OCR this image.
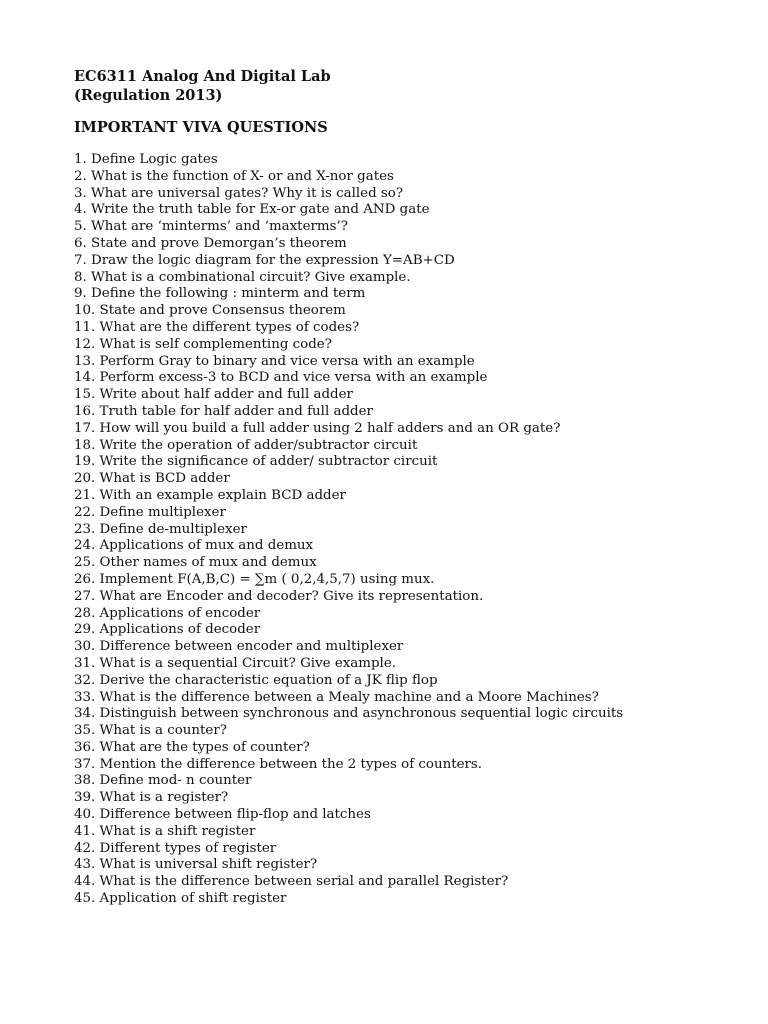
EC6311 Analog And Digital Lab
(Regulation 2013)
IMPORTANT VIVA QUESTIONS
1. Define Logic gates
2. What is the function of X- or and X-nor gates
3. What are universal gates? Why it is called so?
4. Write the truth table for Ex-or gate and AND gate
5. What are ‘minterms’ and ‘maxterms’?
6. State and prove Demorgan’s theorem
7. Draw the logic diagram for the expression Y=AB+CD
8. What is a combinational circuit? Give example.
9. Define the following : minterm and term
10. State and prove Consensus theorem
11. What are the different types of codes?
12. What is self complementing code?
13. Perform Gray to binary and vice versa with an example
14. Perform excess-3 to BCD and vice versa with an example
15. Write about half adder and full adder
16. Truth table for half adder and full adder
17. How will you build a full adder using 2 half adders and an OR gate?
18. Write the operation of adder/subtractor circuit
19. Write the significance of adder/ subtractor circuit
20. What is BCD adder
21. With an example explain BCD adder
22. Define multiplexer
23. Define de-multiplexer
24. Applications of mux and demux
25. Other names of mux and demux
26. Implement F(A,B,C) = ∑m ( 0,2,4,5,7) using mux.
27. What are Encoder and decoder? Give its representation.
28. Applications of encoder
29. Applications of decoder
30. Difference between encoder and multiplexer
31. What is a sequential Circuit? Give example.
32. Derive the characteristic equation of a JK flip flop
33. What is the difference between a Mealy machine and a Moore Machines?
34. Distinguish between synchronous and asynchronous sequential logic circuits
35. What is a counter?
36. What are the types of counter?
37. Mention the difference between the 2 types of counters.
38. Define mod- n counter
39. What is a register?
40. Difference between flip-flop and latches
41. What is a shift register
42. Different types of register
43. What is universal shift register?
44. What is the difference between serial and parallel Register?
45. Application of shift register
